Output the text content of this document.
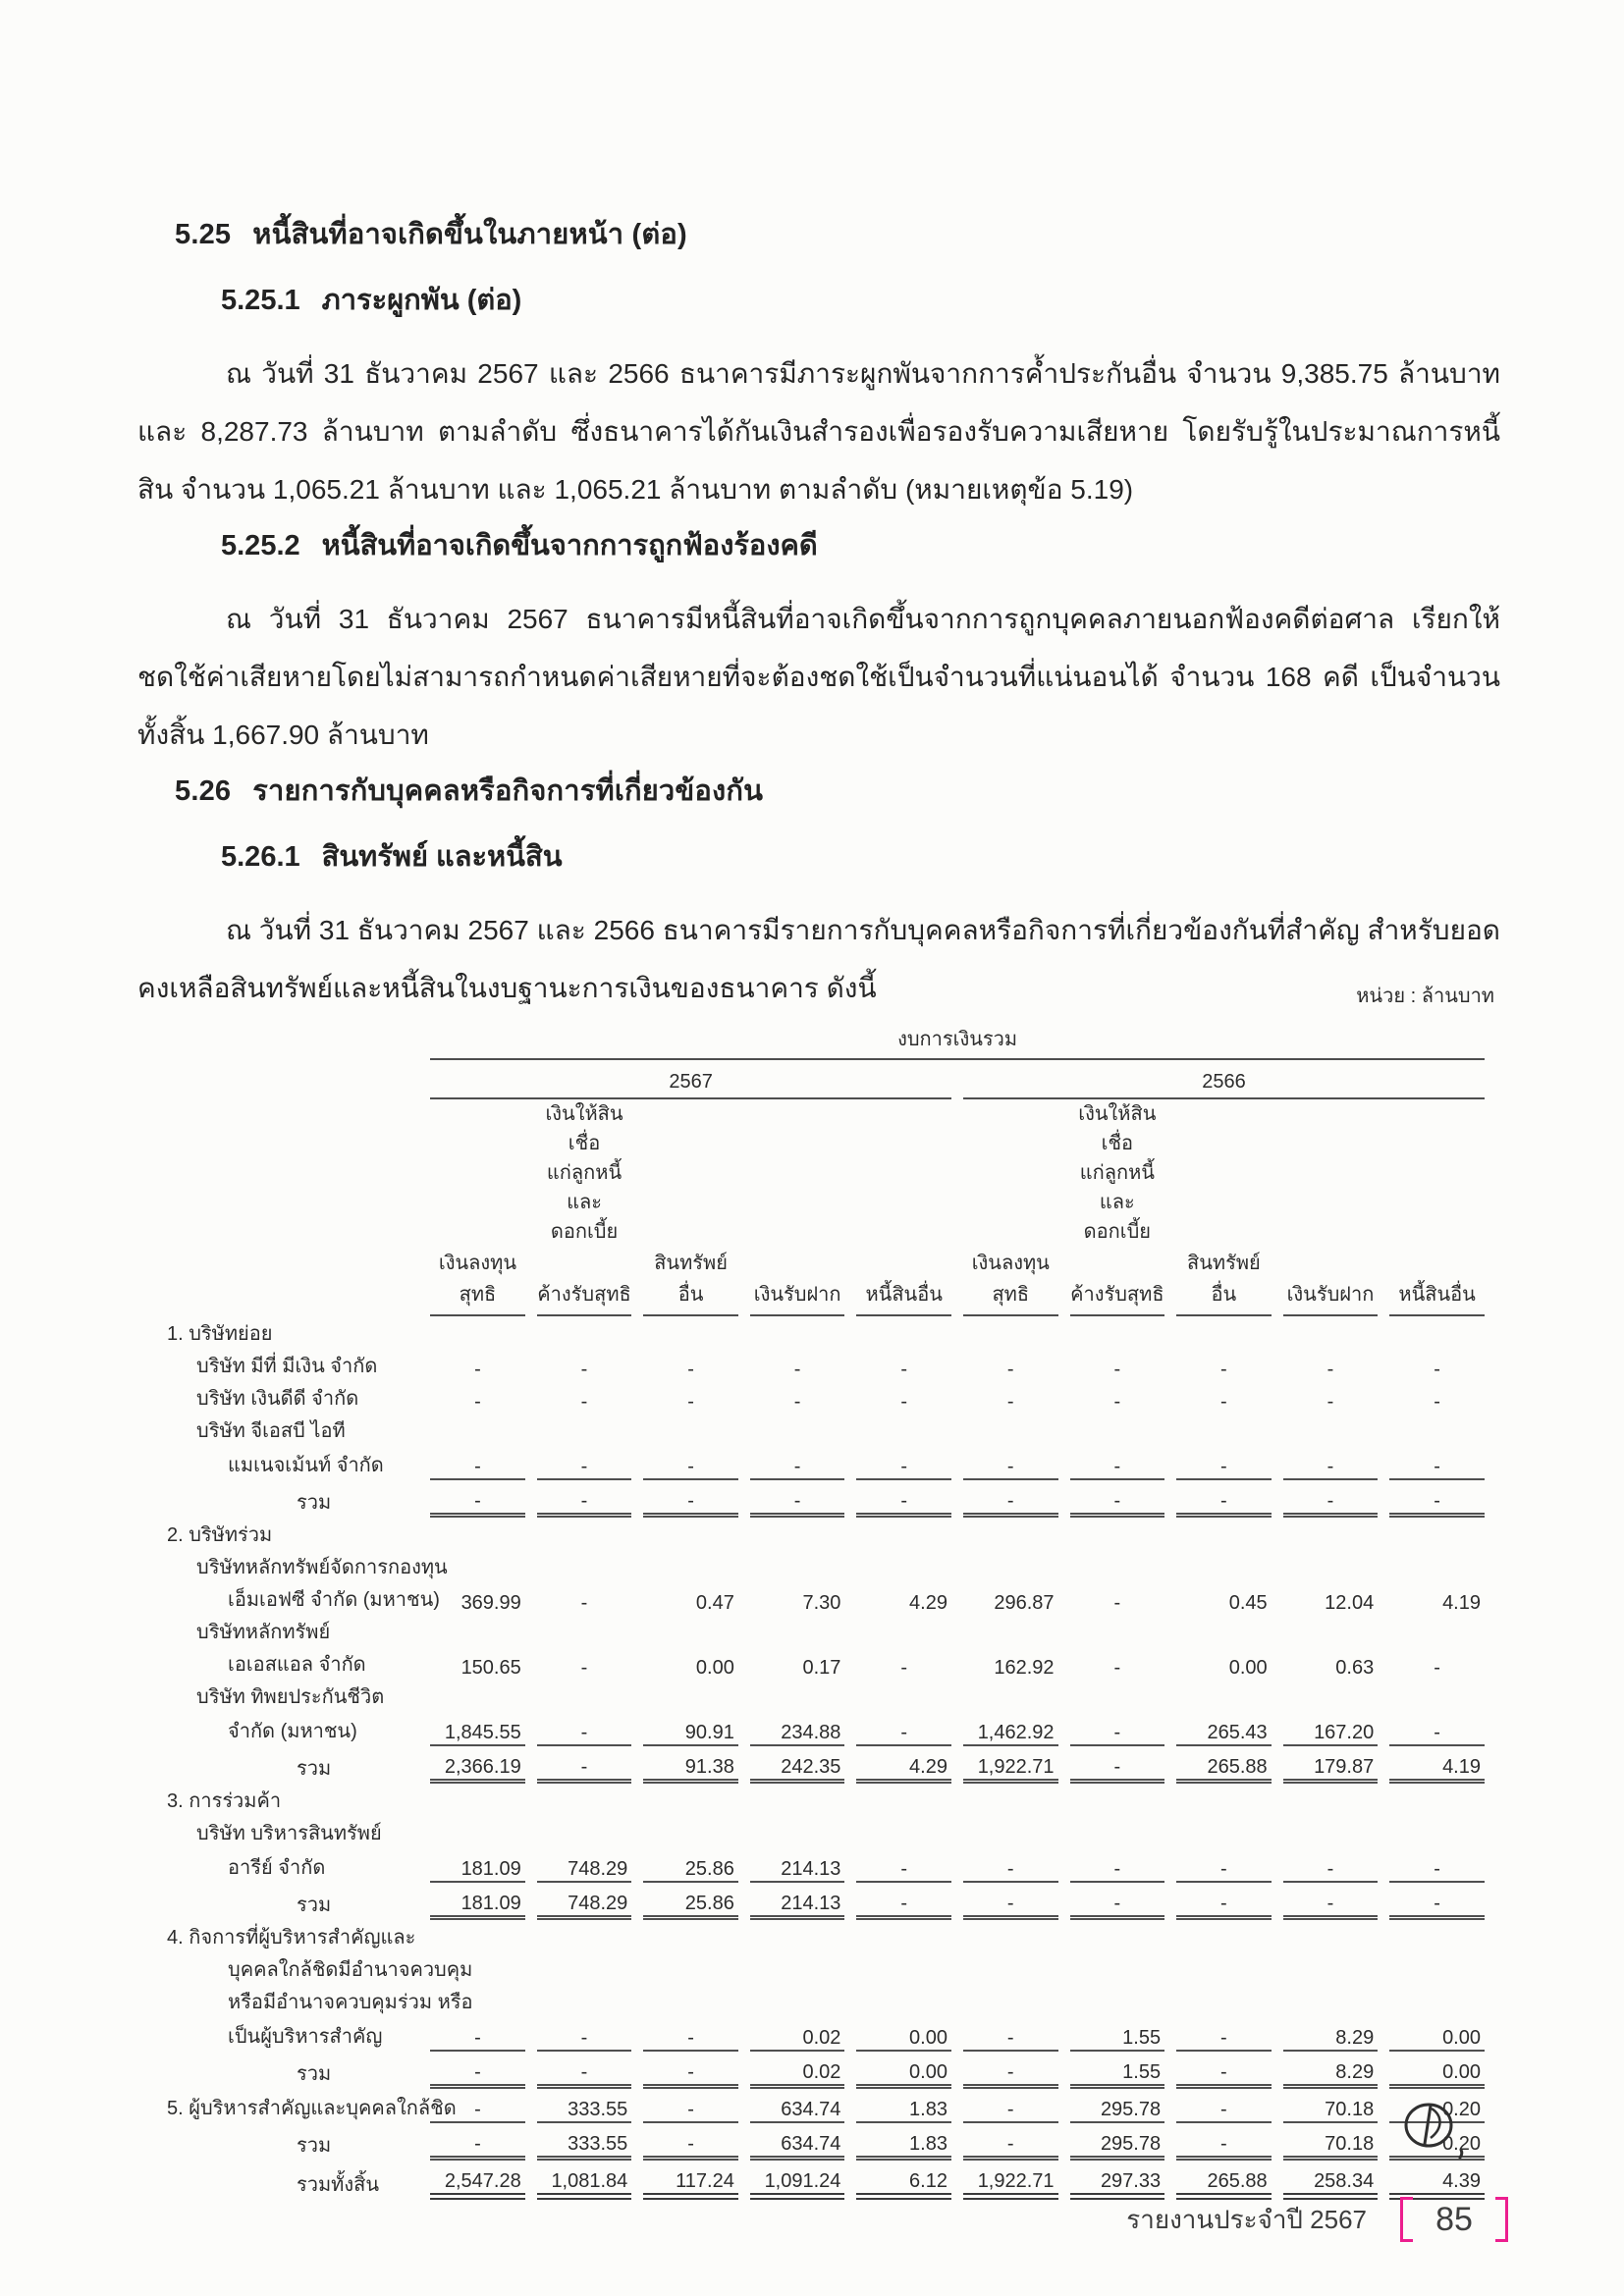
5.25 หนี้สินที่อาจเกิดขึ้นในภายหน้า (ต่อ)

5.25.1 ภาระผูกพัน (ต่อ)

ณ วันที่ 31 ธันวาคม 2567 และ 2566 ธนาคารมีภาระผูกพันจากการค้ำประกันอื่น จำนวน 9,385.75 ล้านบาท และ 8,287.73 ล้านบาท ตามลำดับ ซึ่งธนาคารได้กันเงินสำรองเพื่อรองรับความเสียหาย โดยรับรู้ในประมาณการหนี้สิน จำนวน 1,065.21 ล้านบาท และ 1,065.21 ล้านบาท ตามลำดับ (หมายเหตุข้อ 5.19)

5.25.2 หนี้สินที่อาจเกิดขึ้นจากการถูกฟ้องร้องคดี

ณ วันที่ 31 ธันวาคม 2567 ธนาคารมีหนี้สินที่อาจเกิดขึ้นจากการถูกบุคคลภายนอกฟ้องคดีต่อศาล เรียกให้ชดใช้ค่าเสียหายโดยไม่สามารถกำหนดค่าเสียหายที่จะต้องชดใช้เป็นจำนวนที่แน่นอนได้ จำนวน 168 คดี เป็นจำนวนทั้งสิ้น 1,667.90 ล้านบาท

5.26 รายการกับบุคคลหรือกิจการที่เกี่ยวข้องกัน

5.26.1 สินทรัพย์ และหนี้สิน

ณ วันที่ 31 ธันวาคม 2567 และ 2566 ธนาคารมีรายการกับบุคคลหรือกิจการที่เกี่ยวข้องกันที่สำคัญ สำหรับยอดคงเหลือสินทรัพย์และหนี้สินในงบฐานะการเงินของธนาคาร ดังนี้	หน่วย : ล้านบาท
	งบการเงินรวม									
	2567					2566				

		เงินให้สินเชื่อ
แก่ลูกหนี้และ
ดอกเบี้ย					เงินให้สินเชื่อ
แก่ลูกหนี้และ
ดอกเบี้ย			

	เงินลงทุนสุทธิ	ค้างรับสุทธิ	สินทรัพย์อื่น	เงินรับฝาก	หนี้สินอื่น	เงินลงทุนสุทธิ	ค้างรับสุทธิ	สินทรัพย์อื่น	เงินรับฝาก	หนี้สินอื่น
1. บริษัทย่อย										
บริษัท มีที่ มีเงิน จำกัด	-	-	-	-	-	-	-	-	-	-
บริษัท เงินดีดี จำกัด	-	-	-	-	-	-	-	-	-	-
บริษัท จีเอสบี ไอที										
แมเนจเม้นท์ จำกัด	-	-	-	-	-	-	-	-	-	-
รวม	-	-	-	-	-	-	-	-	-	-
2. บริษัทร่วม										
บริษัทหลักทรัพย์จัดการกองทุน										
เอ็มเอฟซี จำกัด (มหาชน)	369.99	-	0.47	7.30	4.29	296.87	-	0.45	12.04	4.19
บริษัทหลักทรัพย์										
เอเอสแอล จำกัด	150.65	-	0.00	0.17	-	162.92	-	0.00	0.63	-
บริษัท ทิพยประกันชีวิต										
จำกัด (มหาชน)	1,845.55	-	90.91	234.88	-	1,462.92	-	265.43	167.20	-
รวม	2,366.19	-	91.38	242.35	4.29	1,922.71	-	265.88	179.87	4.19
3. การร่วมค้า										
บริษัท บริหารสินทรัพย์										
อารีย์ จำกัด	181.09	748.29	25.86	214.13	-	-	-	-	-	-
รวม	181.09	748.29	25.86	214.13	-	-	-	-	-	-
4. กิจการที่ผู้บริหารสำคัญและ										
บุคคลใกล้ชิดมีอำนาจควบคุม										
หรือมีอำนาจควบคุมร่วม หรือ										
เป็นผู้บริหารสำคัญ	-	-	-	0.02	0.00	-	1.55	-	8.29	0.00
รวม	-	-	-	0.02	0.00	-	1.55	-	8.29	0.00
5. ผู้บริหารสำคัญและบุคคลใกล้ชิด	-	333.55	-	634.74	1.83	-	295.78	-	70.18	0.20
รวม	-	333.55	-	634.74	1.83	-	295.78	-	70.18	0.20
รวมทั้งสิ้น	2,547.28	1,081.84	117.24	1,091.24	6.12	1,922.71	297.33	265.88	258.34	4.39
รายงานประจำปี 2567 85
